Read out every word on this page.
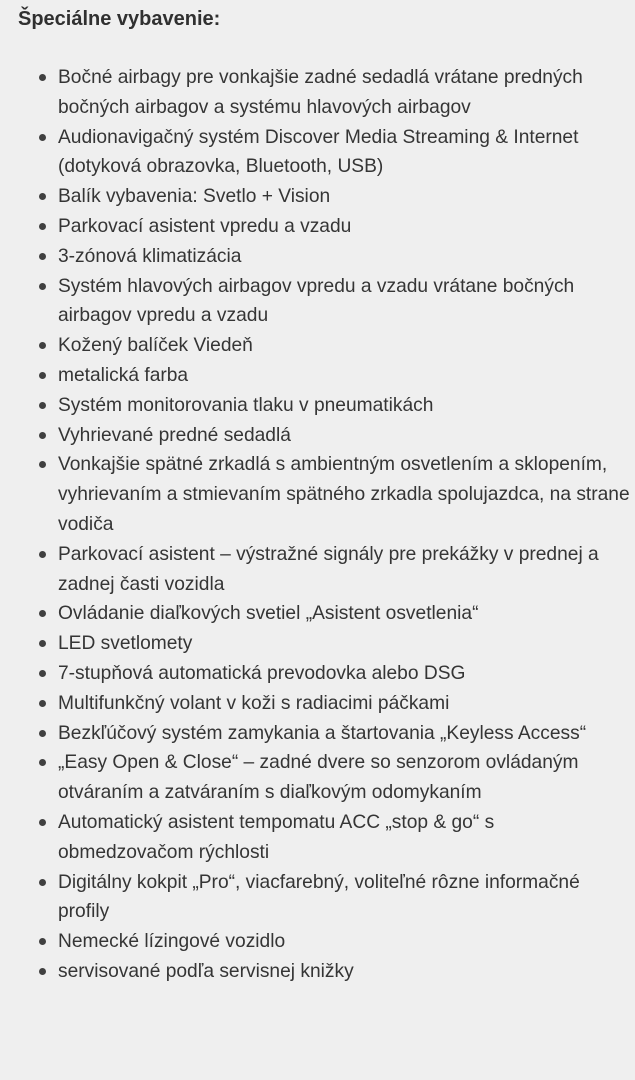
Špeciálne vybavenie:
Bočné airbagy pre vonkajšie zadné sedadlá vrátane predných bočných airbagov a systému hlavových airbagov
Audionavigačný systém Discover Media Streaming & Internet (dotyková obrazovka, Bluetooth, USB)
Balík vybavenia: Svetlo + Vision
Parkovací asistent vpredu a vzadu
3-zónová klimatizácia
Systém hlavových airbagov vpredu a vzadu vrátane bočných airbagov vpredu a vzadu
Kožený balíček Viedeň
metalická farba
Systém monitorovania tlaku v pneumatikách
Vyhrievané predné sedadlá
Vonkajšie spätné zrkadlá s ambientným osvetlením a sklopením, vyhrievaním a stmievaním spätného zrkadla spolujazdca, na strane vodiča
Parkovací asistent – výstražné signály pre prekážky v prednej a zadnej časti vozidla
Ovládanie diaľkových svetiel „Asistent osvetlenia“
LED svetlomety
7-stupňová automatická prevodovka alebo DSG
Multifunkčný volant v koži s radiacimi páčkami
Bezkľúčový systém zamykania a štartovania „Keyless Access“
„Easy Open & Close“ – zadné dvere so senzorom ovládaným otváraním a zatváraním s diaľkovým odomykaním
Automatický asistent tempomatu ACC „stop & go“ s obmedzovačom rýchlosti
Digitálny kokpit „Pro“, viacfarebný, voliteľné rôzne informačné profily
Nemecké lízingové vozidlo
servisované podľa servisnej knižky
